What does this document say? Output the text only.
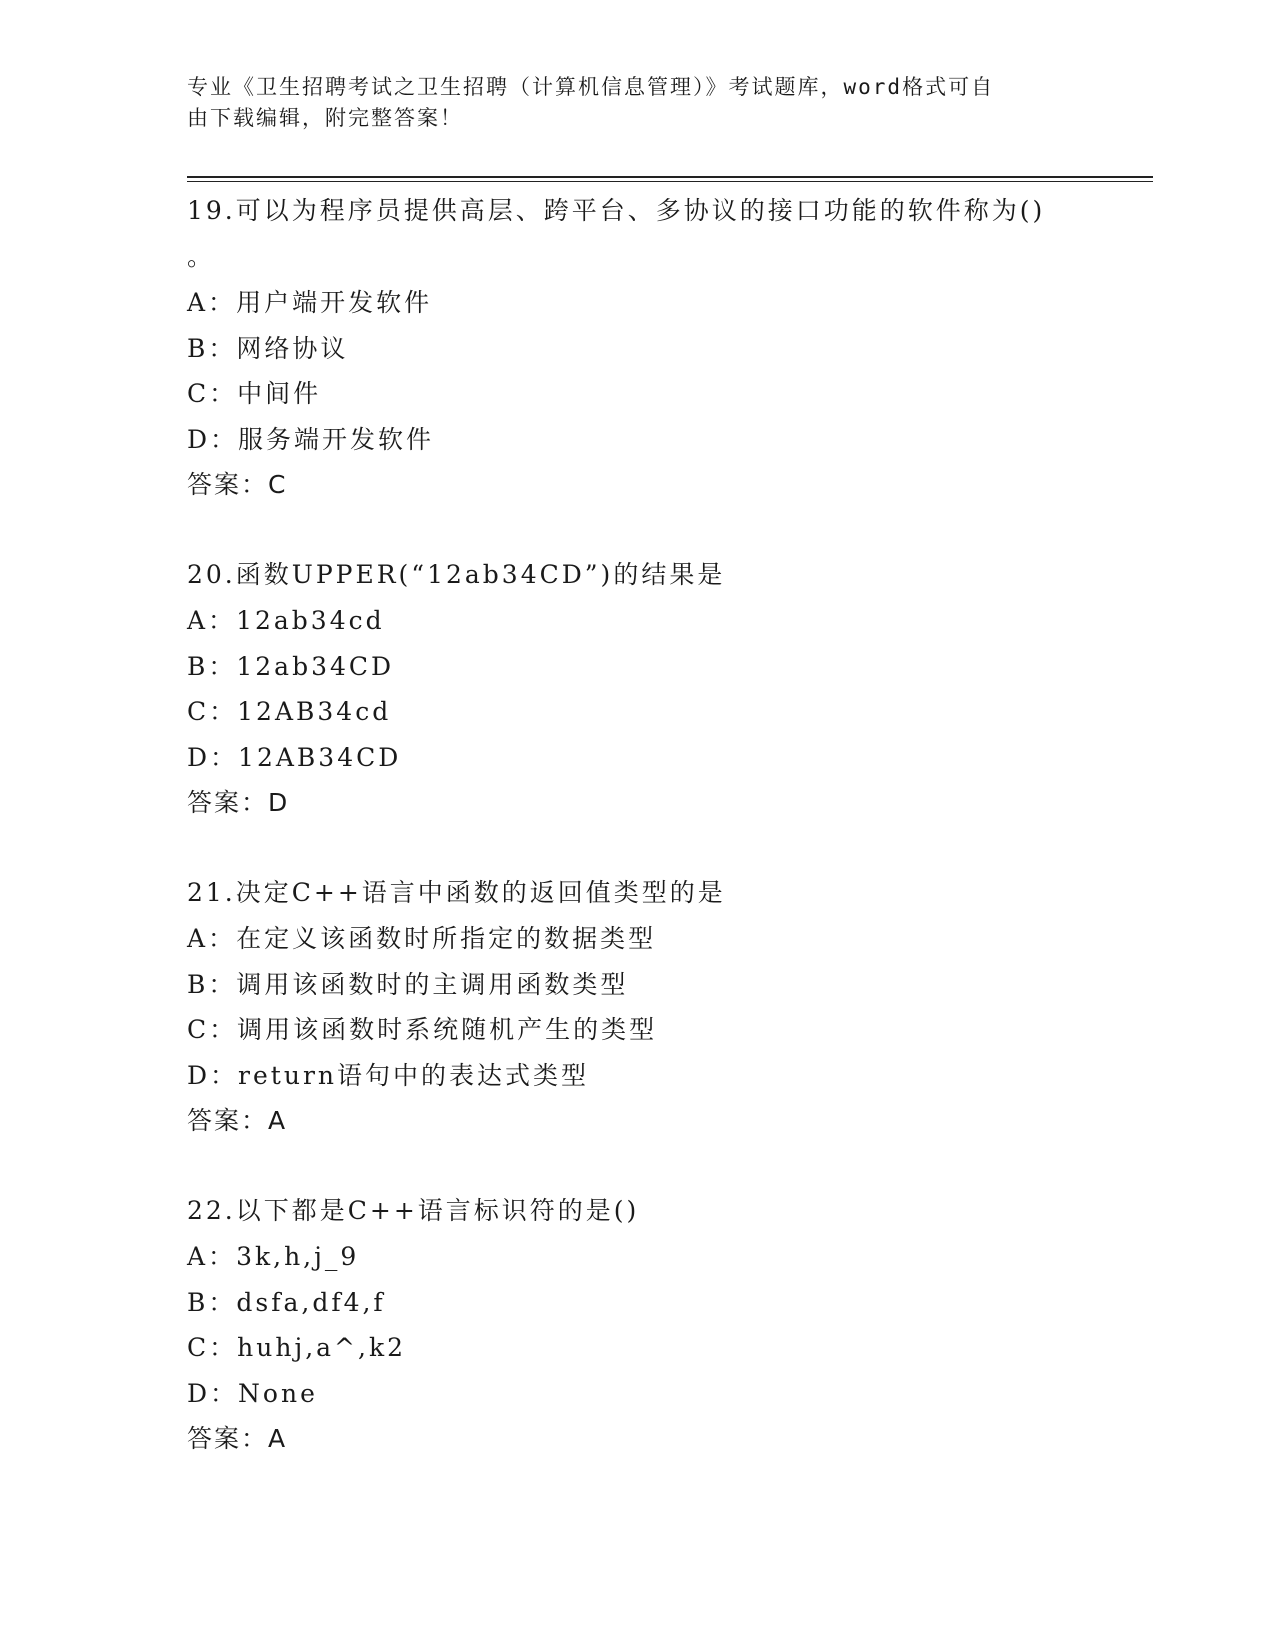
专业《卫生招聘考试之卫生招聘（计算机信息管理）》考试题库，word格式可自
由下载编辑，附完整答案！
19.可以为程序员提供高层、跨平台、多协议的接口功能的软件称为()
。
A：用户端开发软件
B：网络协议
C：中间件
D：服务端开发软件
答案：C
20.函数UPPER(“12ab34CD”)的结果是
A：12ab34cd
B：12ab34CD
C：12AB34cd
D：12AB34CD
答案：D
21.决定C++语言中函数的返回值类型的是
A：在定义该函数时所指定的数据类型
B：调用该函数时的主调用函数类型
C：调用该函数时系统随机产生的类型
D：return语句中的表达式类型
答案：A
22.以下都是C++语言标识符的是()
A：3k,h,j_9
B：dsfa,df4,f
C：huhj,a^,k2
D：None
答案：A
